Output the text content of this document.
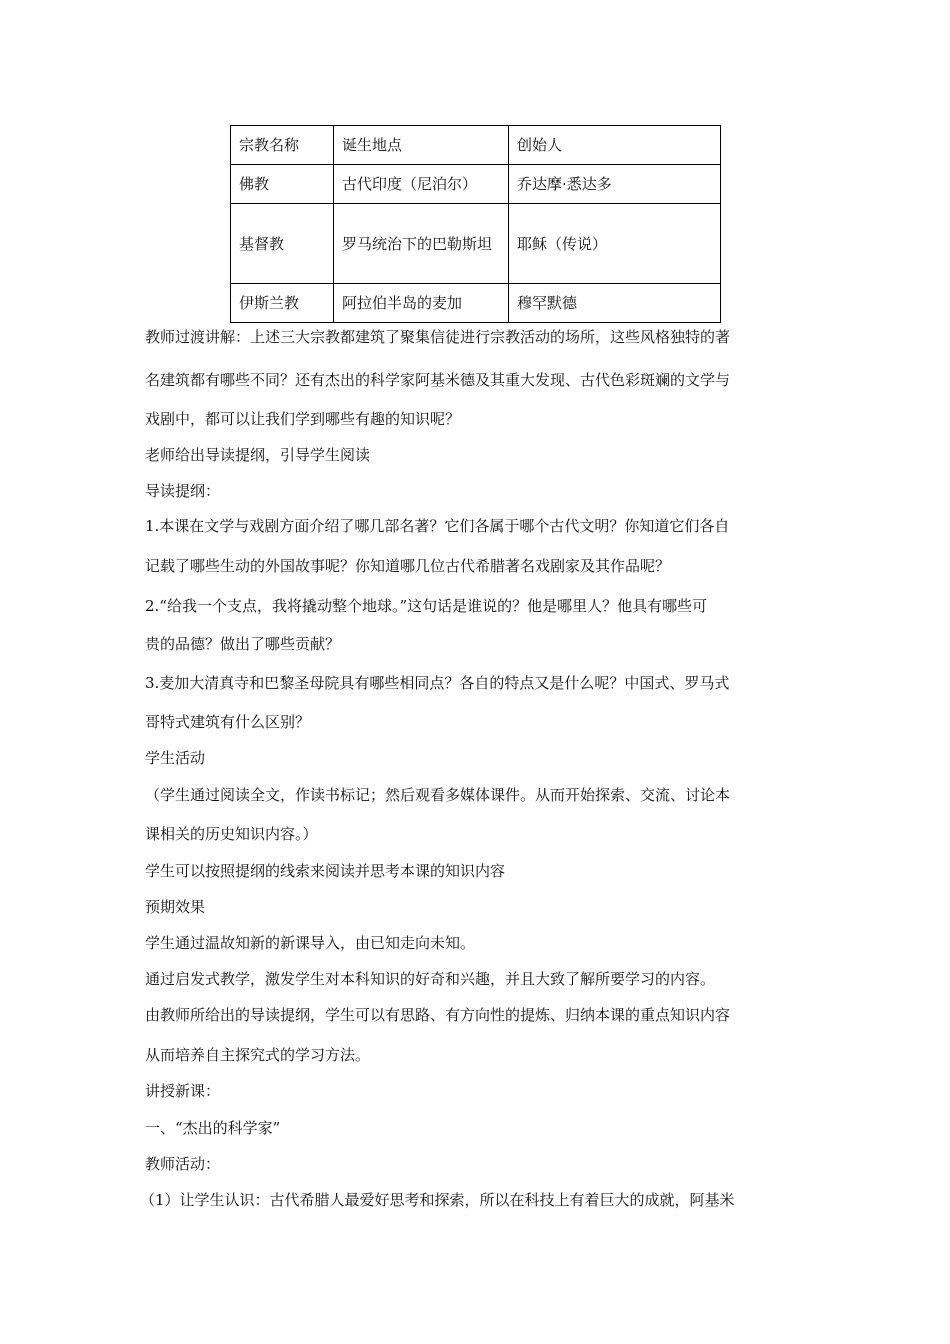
宗教名称	诞生地点	创始人
佛教	古代印度（尼泊尔）	乔达摩·悉达多
基督教	罗马统治下的巴勒斯坦	耶稣（传说）
伊斯兰教	阿拉伯半岛的麦加	穆罕默德
教师过渡讲解：上述三大宗教都建筑了聚集信徒进行宗教活动的场所，这些风格独特的著
名建筑都有哪些不同？还有杰出的科学家阿基米德及其重大发现、古代色彩斑斓的文学与
戏剧中，都可以让我们学到哪些有趣的知识呢？
老师给出导读提纲，引导学生阅读
导读提纲：
1.本课在文学与戏剧方面介绍了哪几部名著？它们各属于哪个古代文明？你知道它们各自
记载了哪些生动的外国故事呢？你知道哪几位古代希腊著名戏剧家及其作品呢？
2.“给我一个支点，我将撬动整个地球。”这句话是谁说的？他是哪里人？他具有哪些可
贵的品德？做出了哪些贡献？
3.麦加大清真寺和巴黎圣母院具有哪些相同点？各自的特点又是什么呢？中国式、罗马式
哥特式建筑有什么区别？
学生活动
（学生通过阅读全文，作读书标记；然后观看多媒体课件。从而开始探索、交流、讨论本
课相关的历史知识内容。）
学生可以按照提纲的线索来阅读并思考本课的知识内容
预期效果
学生通过温故知新的新课导入，由已知走向未知。
通过启发式教学，激发学生对本科知识的好奇和兴趣，并且大致了解所要学习的内容。
由教师所给出的导读提纲，学生可以有思路、有方向性的提炼、归纳本课的重点知识内容
从而培养自主探究式的学习方法。
讲授新课：
一、“杰出的科学家”
教师活动：
（1）让学生认识：古代希腊人最爱好思考和探索，所以在科技上有着巨大的成就，阿基米
